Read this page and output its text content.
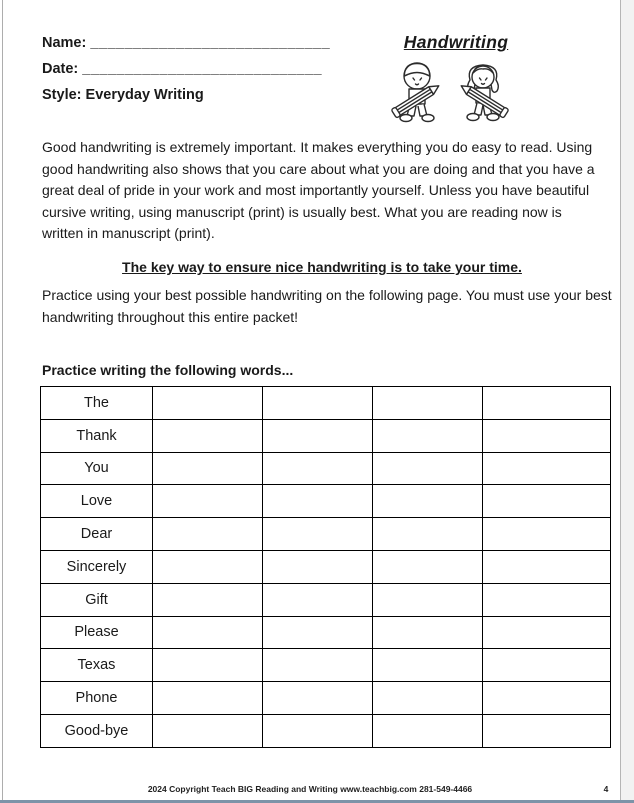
Name: ____________________________
Date: ____________________________
Style: Everyday Writing
Handwriting
Good handwriting is extremely important. It makes everything you do easy to read. Using good handwriting also shows that you care about what you are doing and that you have a great deal of pride in your work and most importantly yourself. Unless you have beautiful cursive writing, using manuscript (print) is usually best. What you are reading now is written in manuscript (print).
The key way to ensure nice handwriting is to take your time.
Practice using your best possible handwriting on the following page. You must use your best handwriting throughout this entire packet!
Practice writing the following words...
The				
Thank				
You				
Love				
Dear				
Sincerely				
Gift				
Please				
Texas				
Phone				
Good-bye				
2024 Copyright Teach BIG Reading and Writing www.teachbig.com 281-549-4466	4
